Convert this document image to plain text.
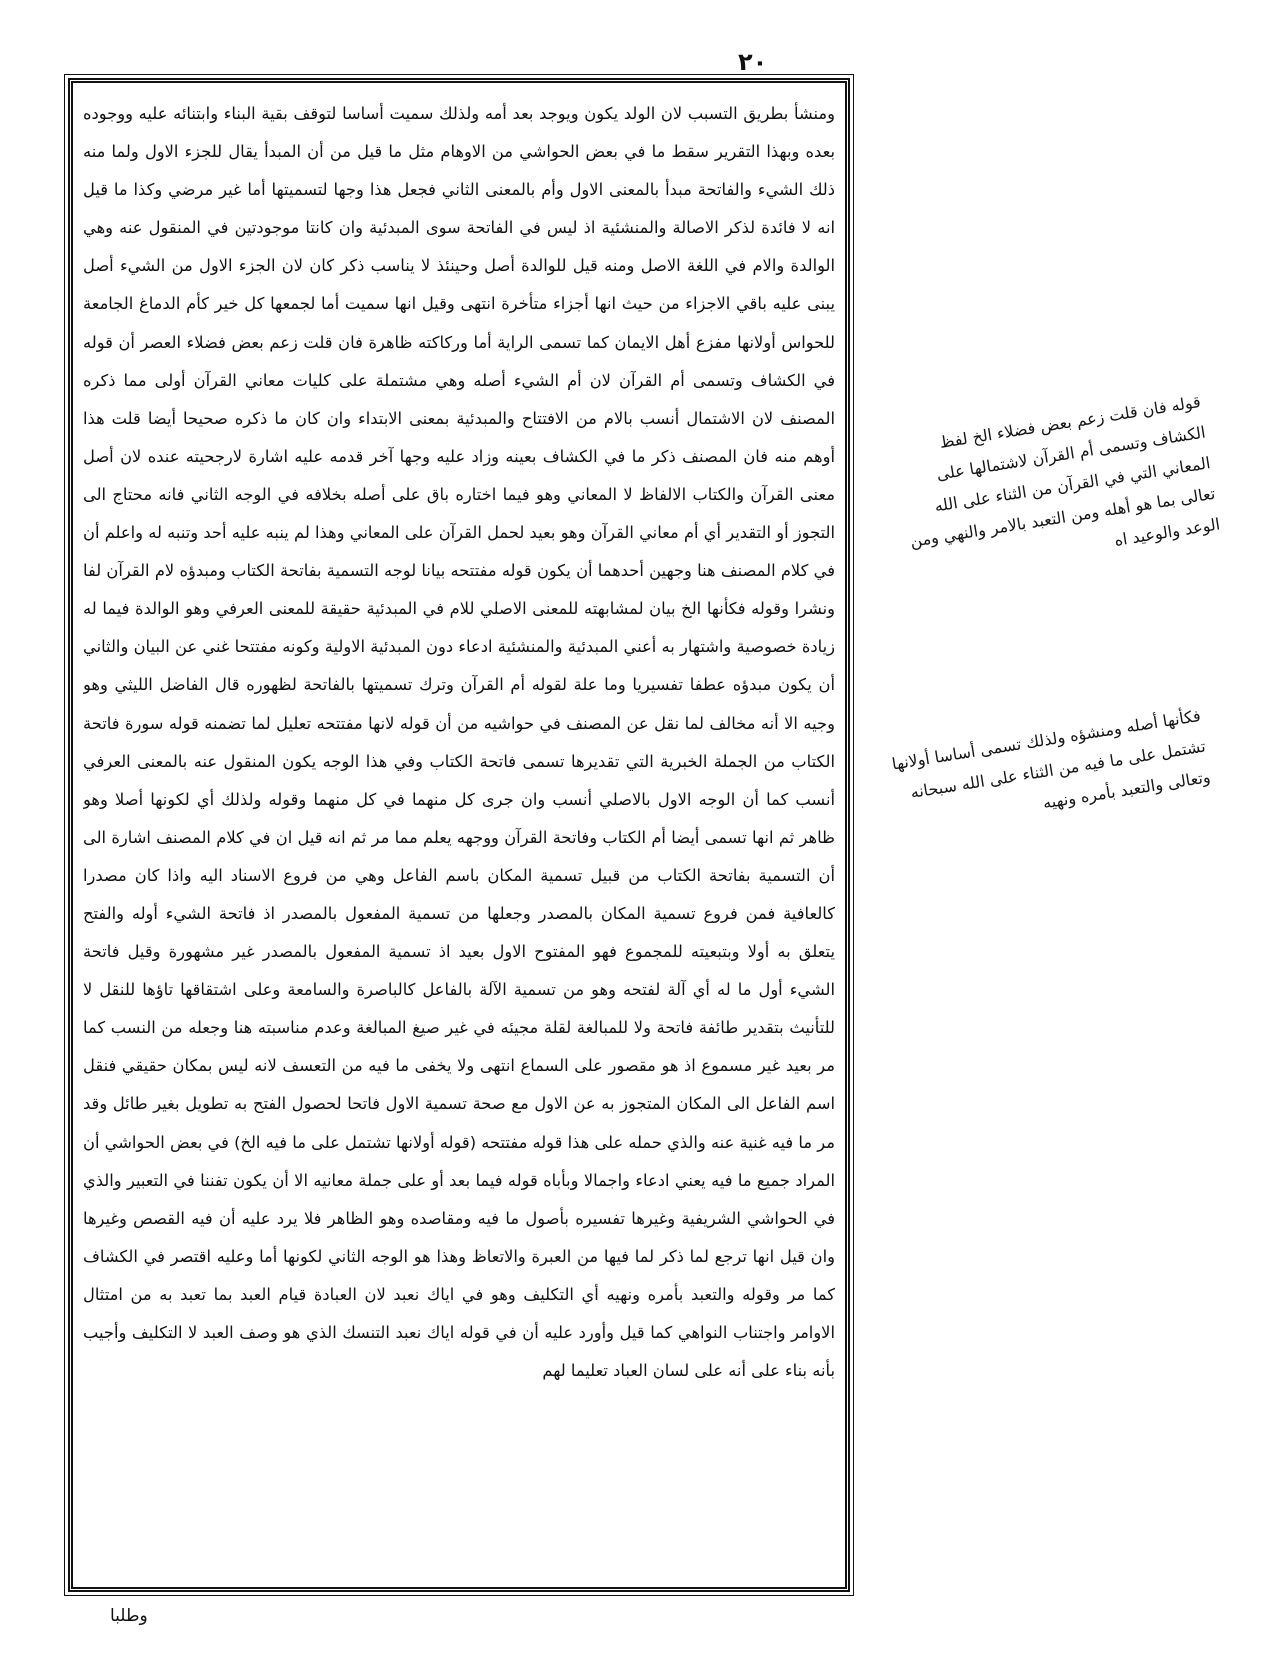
٢٠

ومنشأ بطريق التسبب لان الولد يكون ويوجد بعد أمه ولذلك سميت أساسا لتوقف بقية البناء وابتنائه عليه ووجوده بعده وبهذا التقرير سقط ما في بعض الحواشي من الاوهام مثل ما قيل من أن المبدأ يقال للجزء الاول ولما منه ذلك الشيء والفاتحة مبدأ بالمعنى الاول وأم بالمعنى الثاني فجعل هذا وجها لتسميتها أما غير مرضي وكذا ما قيل انه لا فائدة لذكر الاصالة والمنشئية اذ ليس في الفاتحة سوى المبدئية وان كانتا موجودتين في المنقول عنه وهي الوالدة والام في اللغة الاصل ومنه قيل للوالدة أصل وحينئذ لا يناسب ذكر كان لان الجزء الاول من الشيء أصل يبنى عليه باقي الاجزاء من حيث انها أجزاء متأخرة انتهى وقيل انها سميت أما لجمعها كل خير كأم الدماغ الجامعة للحواس أولانها مفزع أهل الايمان كما تسمى الراية أما وركاكته ظاهرة فان قلت زعم بعض فضلاء العصر أن قوله في الكشاف وتسمى أم القرآن لان أم الشيء أصله وهي مشتملة على كليات معاني القرآن أولى مما ذكره المصنف لان الاشتمال أنسب بالام من الافتتاح والمبدئية بمعنى الابتداء وان كان ما ذكره صحيحا أيضا قلت هذا أوهم منه فان المصنف ذكر ما في الكشاف بعينه وزاد عليه وجها آخر قدمه عليه اشارة لارجحيته عنده لان أصل معنى القرآن والكتاب الالفاظ لا المعاني وهو فيما اختاره باق على أصله بخلافه في الوجه الثاني فانه محتاج الى التجوز أو التقدير أي أم معاني القرآن وهو بعيد لحمل القرآن على المعاني وهذا لم ينبه عليه أحد وتنبه له واعلم أن في كلام المصنف هنا وجهين أحدهما أن يكون قوله مفتتحه بيانا لوجه التسمية بفاتحة الكتاب ومبدؤه لام القرآن لفا ونشرا وقوله فكأنها الخ بيان لمشابهته للمعنى الاصلي للام في المبدئية حقيقة للمعنى العرفي وهو الوالدة فيما له زيادة خصوصية واشتهار به أعني المبدئية والمنشئية ادعاء دون المبدئية الاولية وكونه مفتتحا غني عن البيان والثاني أن يكون مبدؤه عطفا تفسيريا وما علة لقوله أم القرآن وترك تسميتها بالفاتحة لظهوره قال الفاضل الليثي وهو وجيه الا أنه مخالف لما نقل عن المصنف في حواشيه من أن قوله لانها مفتتحه تعليل لما تضمنه قوله سورة فاتحة الكتاب من الجملة الخبرية التي تقديرها تسمى فاتحة الكتاب وفي هذا الوجه يكون المنقول عنه بالمعنى العرفي أنسب كما أن الوجه الاول بالاصلي أنسب وان جرى كل منهما في كل منهما وقوله ولذلك أي لكونها أصلا وهو ظاهر ثم انها تسمى أيضا أم الكتاب وفاتحة القرآن ووجهه يعلم مما مر ثم انه قيل ان في كلام المصنف اشارة الى أن التسمية بفاتحة الكتاب من قبيل تسمية المكان باسم الفاعل وهي من فروع الاسناد اليه واذا كان مصدرا كالعافية فمن فروع تسمية المكان بالمصدر وجعلها من تسمية المفعول بالمصدر اذ فاتحة الشيء أوله والفتح يتعلق به أولا وبتبعيته للمجموع فهو المفتوح الاول بعيد اذ تسمية المفعول بالمصدر غير مشهورة وقيل فاتحة الشيء أول ما له أي آلة لفتحه وهو من تسمية الآلة بالفاعل كالباصرة والسامعة وعلى اشتقاقها تاؤها للنقل لا للتأنيث بتقدير طائفة فاتحة ولا للمبالغة لقلة مجيئه في غير صيغ المبالغة وعدم مناسبته هنا وجعله من النسب كما مر بعيد غير مسموع اذ هو مقصور على السماع انتهى ولا يخفى ما فيه من التعسف لانه ليس بمكان حقيقي فنقل اسم الفاعل الى المكان المتجوز به عن الاول مع صحة تسمية الاول فاتحا لحصول الفتح به تطويل بغير طائل وقد مر ما فيه غنية عنه والذي حمله على هذا قوله مفتتحه (قوله أولانها تشتمل على ما فيه الخ) في بعض الحواشي أن المراد جميع ما فيه يعني ادعاء واجمالا وبأباه قوله فيما بعد أو على جملة معانيه الا أن يكون تفننا في التعبير والذي في الحواشي الشريفية وغيرها تفسيره بأصول ما فيه ومقاصده وهو الظاهر فلا يرد عليه أن فيه القصص وغيرها وان قيل انها ترجع لما ذكر لما فيها من العبرة والاتعاظ وهذا هو الوجه الثاني لكونها أما وعليه اقتصر في الكشاف كما مر وقوله والتعبد بأمره ونهيه أي التكليف وهو في اياك نعبد لان العبادة قيام العبد بما تعبد به من امتثال الاوامر واجتناب النواهي كما قيل وأورد عليه أن في قوله اياك نعبد التنسك الذي هو وصف العبد لا التكليف وأجيب بأنه بناء على أنه على لسان العباد تعليما لهم

قوله فان قلت زعم بعض فضلاء الخ لفظ الكشاف وتسمى أم القرآن لاشتمالها على المعاني التي في القرآن من الثناء على الله تعالى بما هو أهله ومن التعبد بالامر والنهي ومن الوعد والوعيد اه
فكأنها أصله ومنشؤه ولذلك تسمى أساسا أولانها تشتمل على ما فيه من الثناء على الله سبحانه وتعالى والتعبد بأمره ونهيه
وطلبا
